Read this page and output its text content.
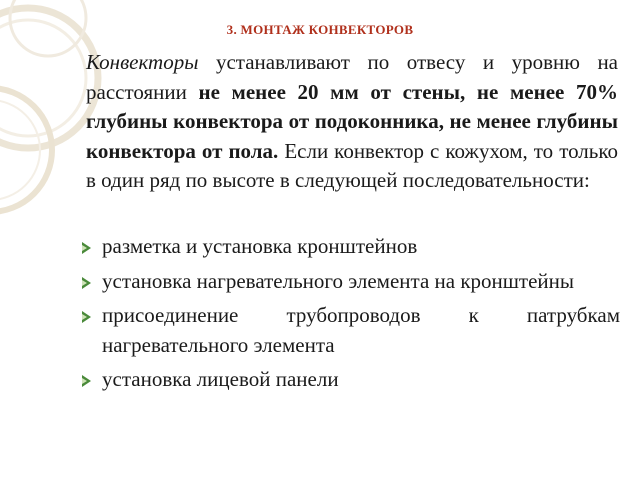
3. МОНТАЖ КОНВЕКТОРОВ

Конвекторы устанавливают по отвесу и уровню на расстоянии не менее 20 мм от стены, не менее 70% глубины конвектора от подоконника, не менее глубины конвектора от пола. Если конвектор с кожухом, то только в один ряд по высоте в следующей последовательности:

разметка и установка кронштейнов
установка нагревательного элемента на кронштейны
присоединение трубопроводов к патрубкам нагревательного элемента
установка лицевой панели
